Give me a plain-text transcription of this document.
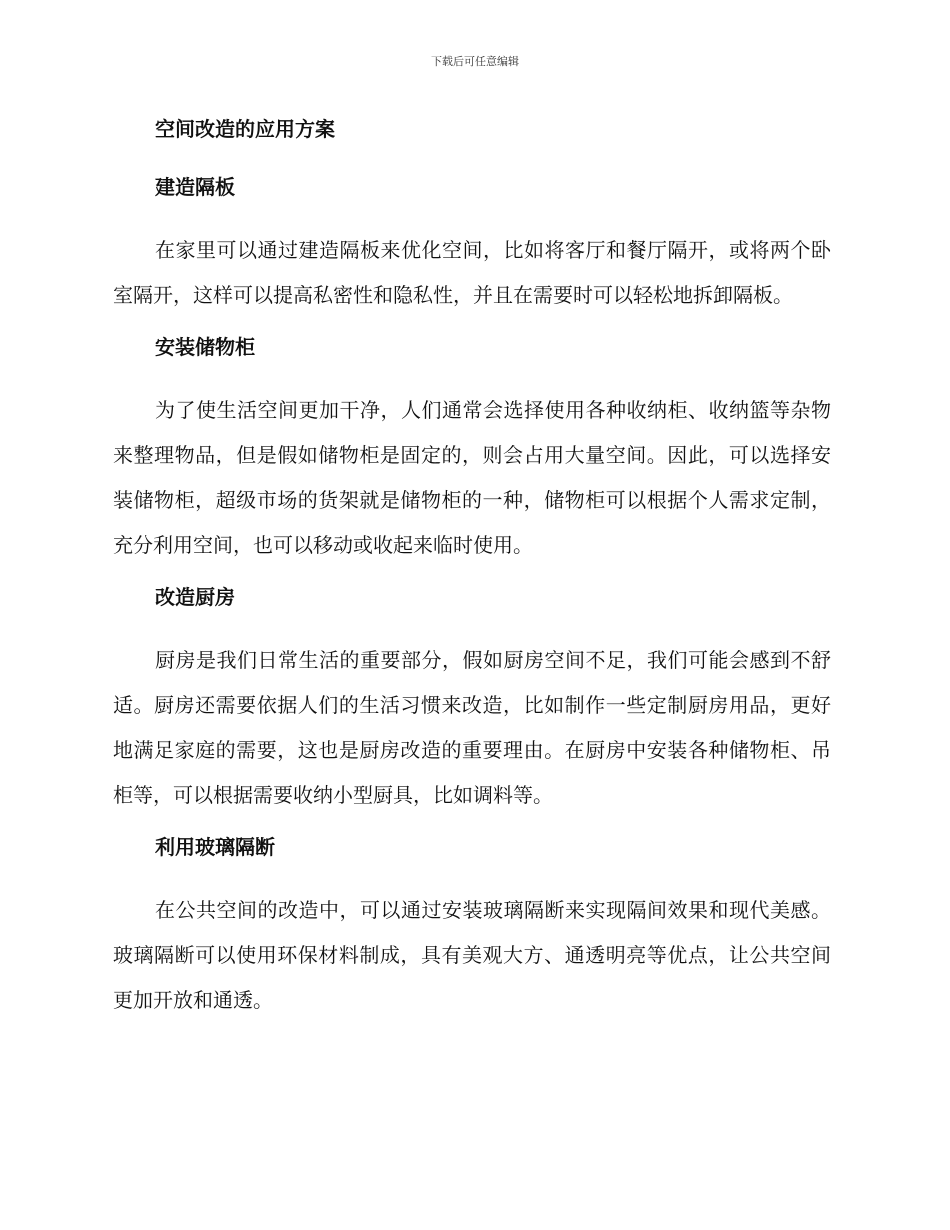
下载后可任意编辑
空间改造的应用方案
建造隔板

在家里可以通过建造隔板来优化空间，比如将客厅和餐厅隔开，或将两个卧室隔开，这样可以提高私密性和隐私性，并且在需要时可以轻松地拆卸隔板。

安装储物柜

为了使生活空间更加干净，人们通常会选择使用各种收纳柜、收纳篮等杂物来整理物品，但是假如储物柜是固定的，则会占用大量空间。因此，可以选择安装储物柜，超级市场的货架就是储物柜的一种，储物柜可以根据个人需求定制，充分利用空间，也可以移动或收起来临时使用。

改造厨房

厨房是我们日常生活的重要部分，假如厨房空间不足，我们可能会感到不舒适。厨房还需要依据人们的生活习惯来改造，比如制作一些定制厨房用品，更好地满足家庭的需要，这也是厨房改造的重要理由。在厨房中安装各种储物柜、吊柜等，可以根据需要收纳小型厨具，比如调料等。

利用玻璃隔断

在公共空间的改造中，可以通过安装玻璃隔断来实现隔间效果和现代美感。玻璃隔断可以使用环保材料制成，具有美观大方、通透明亮等优点，让公共空间更加开放和通透。
